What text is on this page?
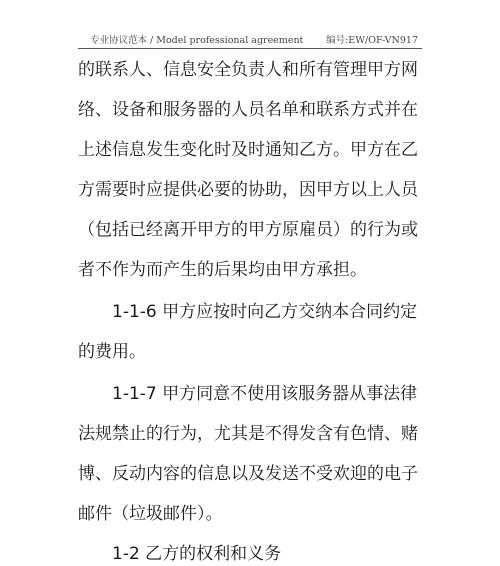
专业协议范本 / Model professional agreement 编号:EW/OF-VN917
的联系人、信息安全负责人和所有管理甲方网
络、设备和服务器的人员名单和联系方式并在
上述信息发生变化时及时通知乙方。甲方在乙
方需要时应提供必要的协助，因甲方以上人员
（包括已经离开甲方的甲方原雇员）的行为或
者不作为而产生的后果均由甲方承担。
1-1-6 甲方应按时向乙方交纳本合同约定
的费用。
1-1-7 甲方同意不使用该服务器从事法律
法规禁止的行为，尤其是不得发含有色情、赌
博、反动内容的信息以及发送不受欢迎的电子
邮件（垃圾邮件）。
1-2 乙方的权利和义务
